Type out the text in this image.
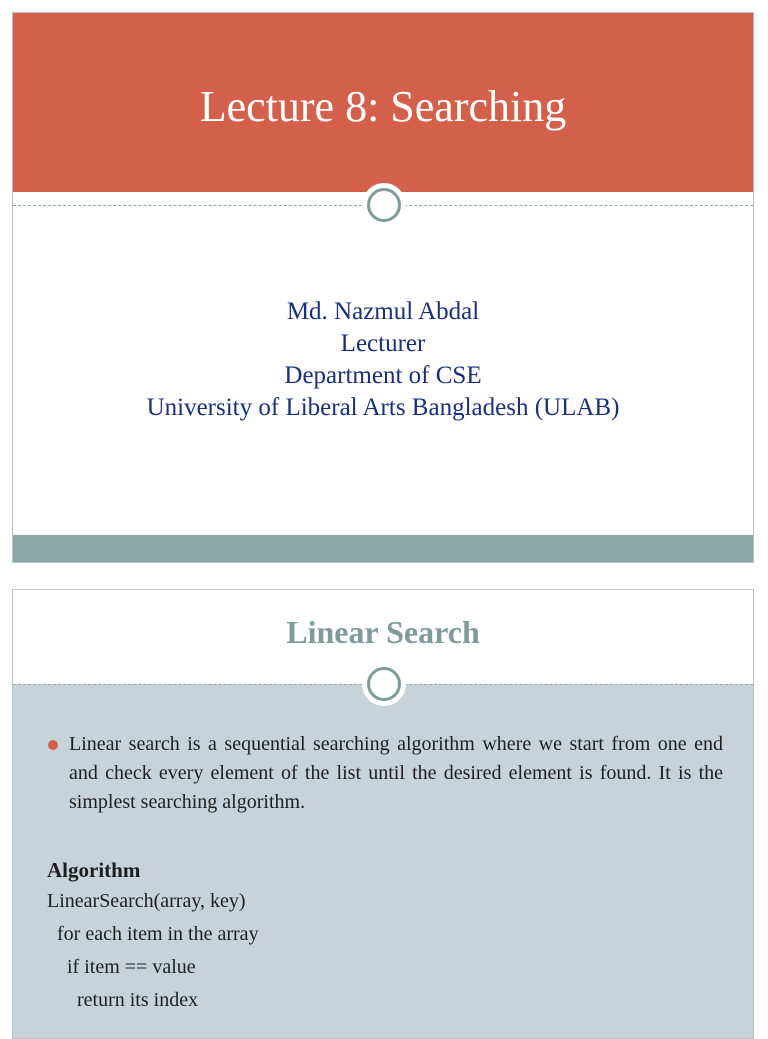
Lecture 8: Searching
Md. Nazmul Abdal
Lecturer
Department of CSE
University of Liberal Arts Bangladesh (ULAB)
Linear Search
Linear search is a sequential searching algorithm where we start from one end and check every element of the list until the desired element is found. It is the simplest searching algorithm.
Algorithm
LinearSearch(array, key)
for each item in the array
if item == value
return its index
